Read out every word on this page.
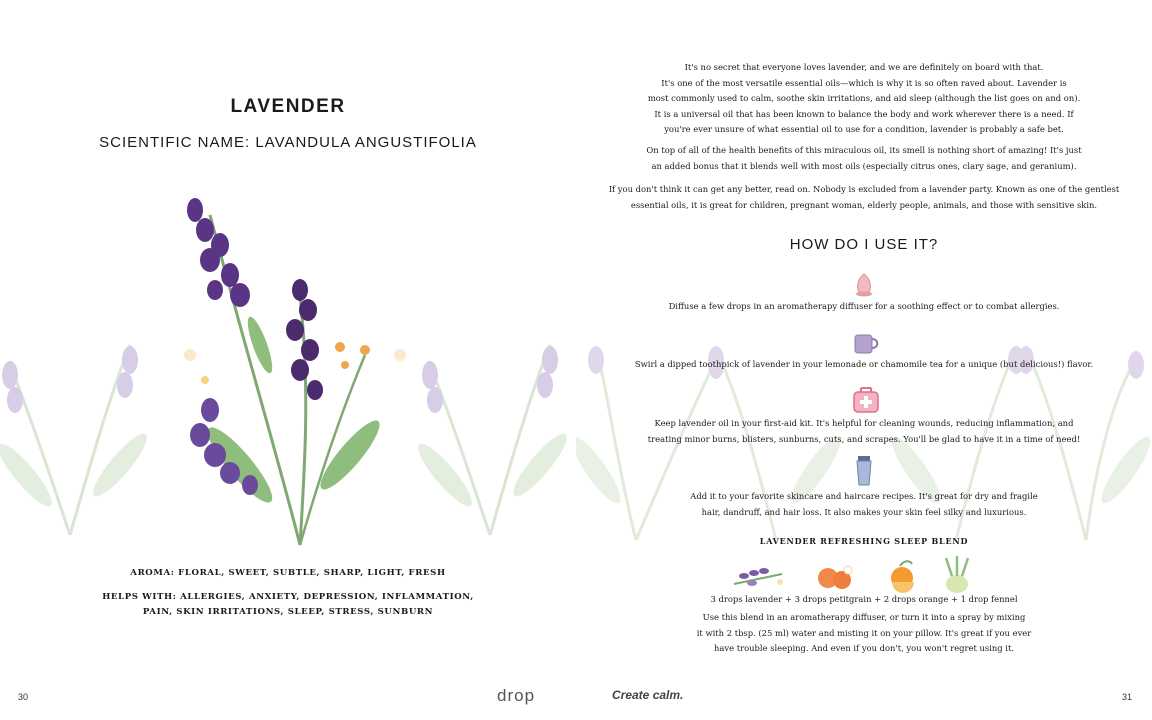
LAVENDER
SCIENTIFIC NAME: LAVANDULA ANGUSTIFOLIA
AROMA: FLORAL, SWEET, SUBTLE, SHARP, LIGHT, FRESH
HELPS WITH: ALLERGIES, ANXIETY, DEPRESSION, INFLAMMATION,
PAIN, SKIN IRRITATIONS, SLEEP, STRESS, SUNBURN
30	drop	Create calm.
It's no secret that everyone loves lavender, and we are definitely on board with that.
It's one of the most versatile essential oils—which is why it is so often raved about. Lavender is
most commonly used to calm, soothe skin irritations, and aid sleep (although the list goes on and on).
It is a universal oil that has been known to balance the body and work wherever there is a need. If
you're ever unsure of what essential oil to use for a condition, lavender is probably a safe bet.
On top of all of the health benefits of this miraculous oil, its smell is nothing short of amazing! It's just
an added bonus that it blends well with most oils (especially citrus ones, clary sage, and geranium).
If you don't think it can get any better, read on. Nobody is excluded from a lavender party. Known as one of the gentlest
essential oils, it is great for children, pregnant woman, elderly people, animals, and those with sensitive skin.
HOW DO I USE IT?
Diffuse a few drops in an aromatherapy diffuser for a soothing effect or to combat allergies.
Swirl a dipped toothpick of lavender in your lemonade or chamomile tea for a unique (but delicious!) flavor.
Keep lavender oil in your first-aid kit. It's helpful for cleaning wounds, reducing inflammation, and
treating minor burns, blisters, sunburns, cuts, and scrapes. You'll be glad to have it in a time of need!
Add it to your favorite skincare and haircare recipes. It's great for dry and fragile
hair, dandruff, and hair loss. It also makes your skin feel silky and luxurious.
LAVENDER REFRESHING SLEEP BLEND
3 drops lavender + 3 drops petitgrain + 2 drops orange + 1 drop fennel
Use this blend in an aromatherapy diffuser, or turn it into a spray by mixing
it with 2 tbsp. (25 ml) water and misting it on your pillow. It's great if you ever
have trouble sleeping. And even if you don't, you won't regret using it.
31
